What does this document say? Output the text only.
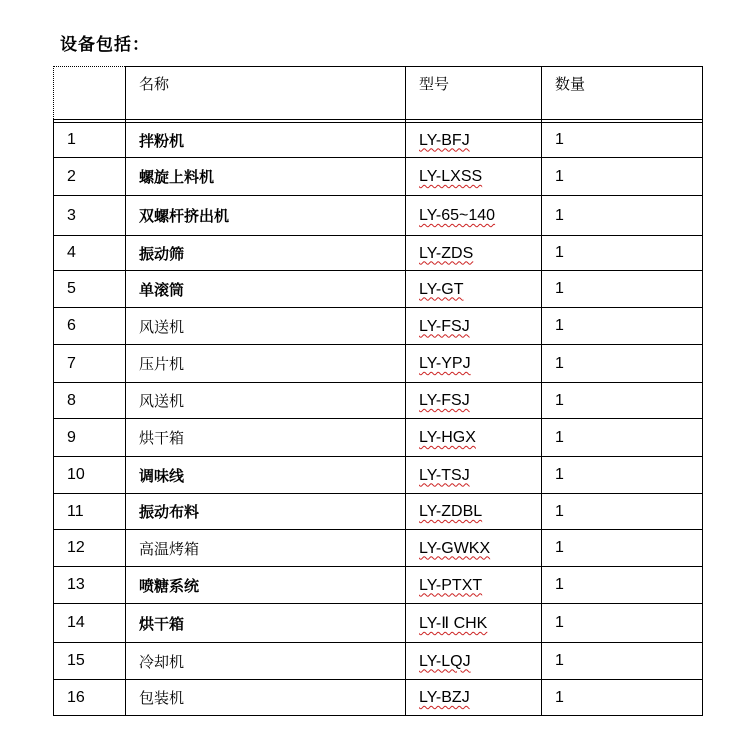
设备包括：
	名称	型号	数量

1	拌粉机	LY-BFJ	1
2	螺旋上料机	LY-LXSS	1
3	双螺杆挤出机	LY-65~140	1
4	振动筛	LY-ZDS	1
5	单滚筒	LY-GT	1
6	风送机	LY-FSJ	1
7	压片机	LY-YPJ	1
8	风送机	LY-FSJ	1
9	烘干箱	LY-HGX	1
10	调味线	LY-TSJ	1
11	振动布料	LY-ZDBL	1
12	高温烤箱	LY-GWKX	1
13	喷糖系统	LY-PTXT	1
14	烘干箱	LY-Ⅱ CHK	1
15	冷却机	LY-LQJ	1
16	包装机	LY-BZJ	1
